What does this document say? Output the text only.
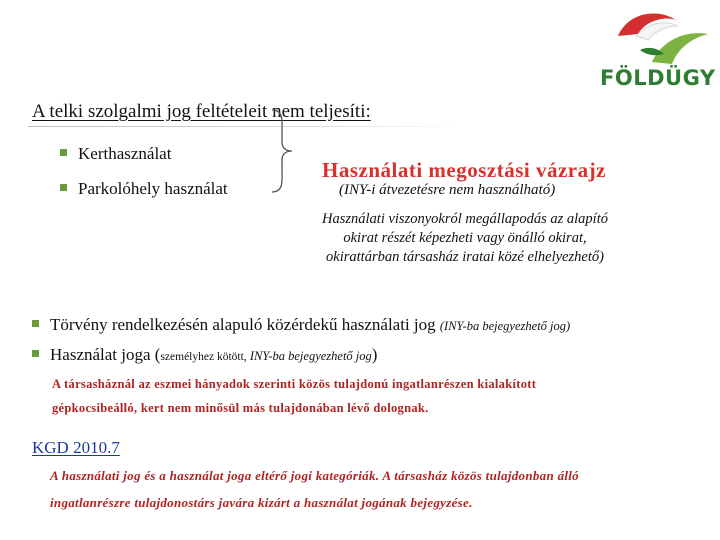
FÖLDÜGY
A telki szolgalmi jog feltételeit nem teljesíti:
Kerthasználat
Parkolóhely használat
Használati megosztási vázrajz
(INY-i átvezetésre nem használható)
Használati viszonyokról megállapodás az alapító
okirat részét képezheti vagy önálló okirat,
okirattárban társasház iratai közé elhelyezhető)
Törvény rendelkezésén alapuló közérdekű használati jog (INY-ba bejegyezhető jog)
Használat joga (személyhez kötött, INY-ba bejegyezhető jog)
A társasháznál az eszmei hányadok szerinti közös tulajdonú ingatlanrészen kialakított
gépkocsibeálló, kert nem minősül más tulajdonában lévő dolognak.
KGD 2010.7
A használati jog és a használat joga eltérő jogi kategóriák. A társasház közös tulajdonban álló
ingatlanrészre tulajdonostárs javára kizárt a használat jogának bejegyzése.
